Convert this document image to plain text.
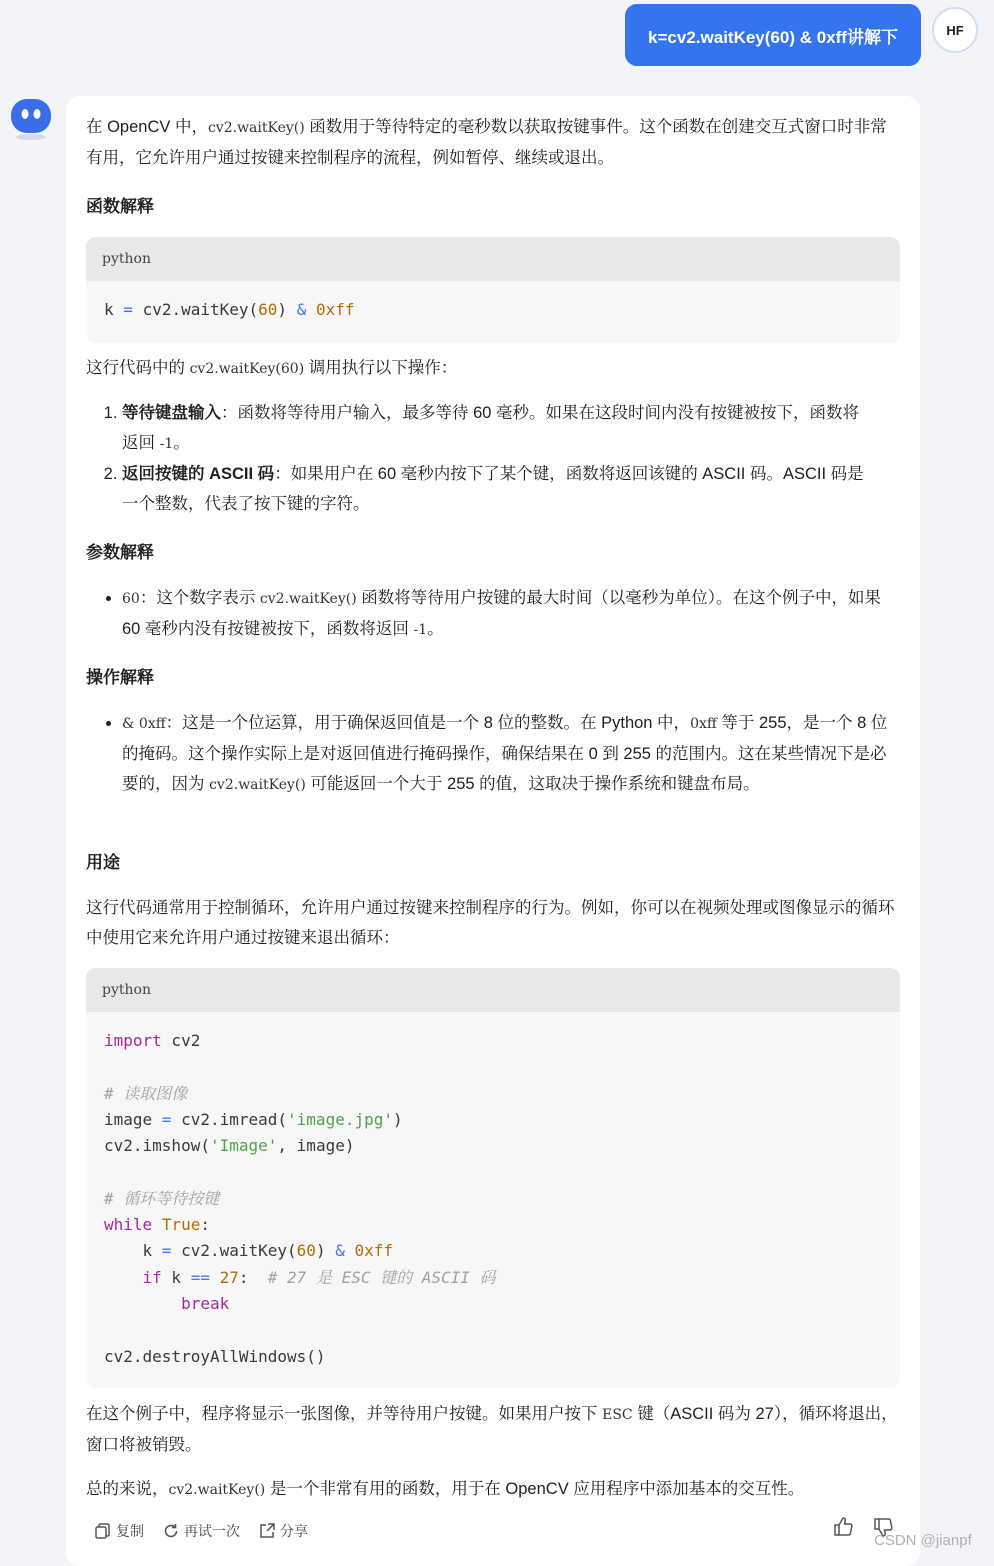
k=cv2.waitKey(60) & 0xff讲解下	HF

在 OpenCV 中，cv2.waitKey() 函数用于等待特定的毫秒数以获取按键事件。这个函数在创建交互式窗口时非常有用，它允许用户通过按键来控制程序的流程，例如暂停、继续或退出。

函数解释

python
k = cv2.waitKey(60) & 0xff

这行代码中的 cv2.waitKey(60) 调用执行以下操作：

1. 等待键盘输入：函数将等待用户输入，最多等待 60 毫秒。如果在这段时间内没有按键被按下，函数将返回 -1。
2. 返回按键的 ASCII 码：如果用户在 60 毫秒内按下了某个键，函数将返回该键的 ASCII 码。ASCII 码是一个整数，代表了按下键的字符。

参数解释

• 60：这个数字表示 cv2.waitKey() 函数将等待用户按键的最大时间（以毫秒为单位）。在这个例子中，如果 60 毫秒内没有按键被按下，函数将返回 -1。

操作解释

• & 0xff：这是一个位运算，用于确保返回值是一个 8 位的整数。在 Python 中，0xff 等于 255，是一个 8 位的掩码。这个操作实际上是对返回值进行掩码操作，确保结果在 0 到 255 的范围内。这在某些情况下是必要的，因为 cv2.waitKey() 可能返回一个大于 255 的值，这取决于操作系统和键盘布局。

用途

这行代码通常用于控制循环，允许用户通过按键来控制程序的行为。例如，你可以在视频处理或图像显示的循环中使用它来允许用户通过按键来退出循环：

python
import cv2

# 读取图像
image = cv2.imread('image.jpg')
cv2.imshow('Image', image)

# 循环等待按键
while True:
k = cv2.waitKey(60) & 0xff
if k == 27:  # 27 是 ESC 键的 ASCII 码
break

cv2.destroyAllWindows()

在这个例子中，程序将显示一张图像，并等待用户按键。如果用户按下 ESC 键（ASCII 码为 27），循环将退出，窗口将被销毁。

总的来说，cv2.waitKey() 是一个非常有用的函数，用于在 OpenCV 应用程序中添加基本的交互性。

复制	再试一次	分享
CSDN @jianpf
